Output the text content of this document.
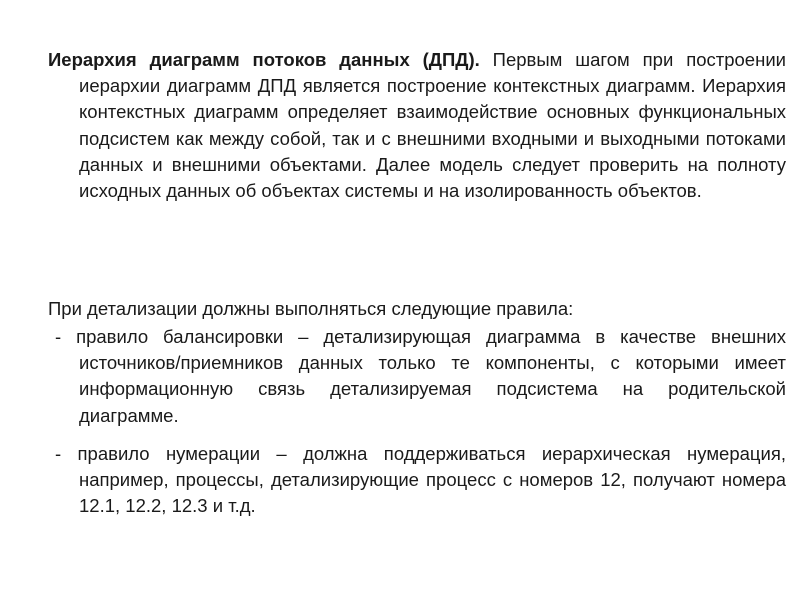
Иерархия диаграмм потоков данных (ДПД). Первым шагом при построении иерархии диаграмм ДПД является построение контекстных диаграмм. Иерархия контекстных диаграмм определяет взаимодействие основных функциональных подсистем как между собой, так и с внешними входными и выходными потоками данных и внешними объектами. Далее модель следует проверить на полноту исходных данных об объектах системы и на изолированность объектов.

При детализации должны выполняться следующие правила:

- правило балансировки – детализирующая диаграмма в качестве внешних источников/приемников данных только те компоненты, с которыми имеет информационную связь детализируемая подсистема на родительской диаграмме.

- правило нумерации – должна поддерживаться иерархическая нумерация, например, процессы, детализирующие процесс с номеров 12, получают номера 12.1, 12.2, 12.3 и т.д.
